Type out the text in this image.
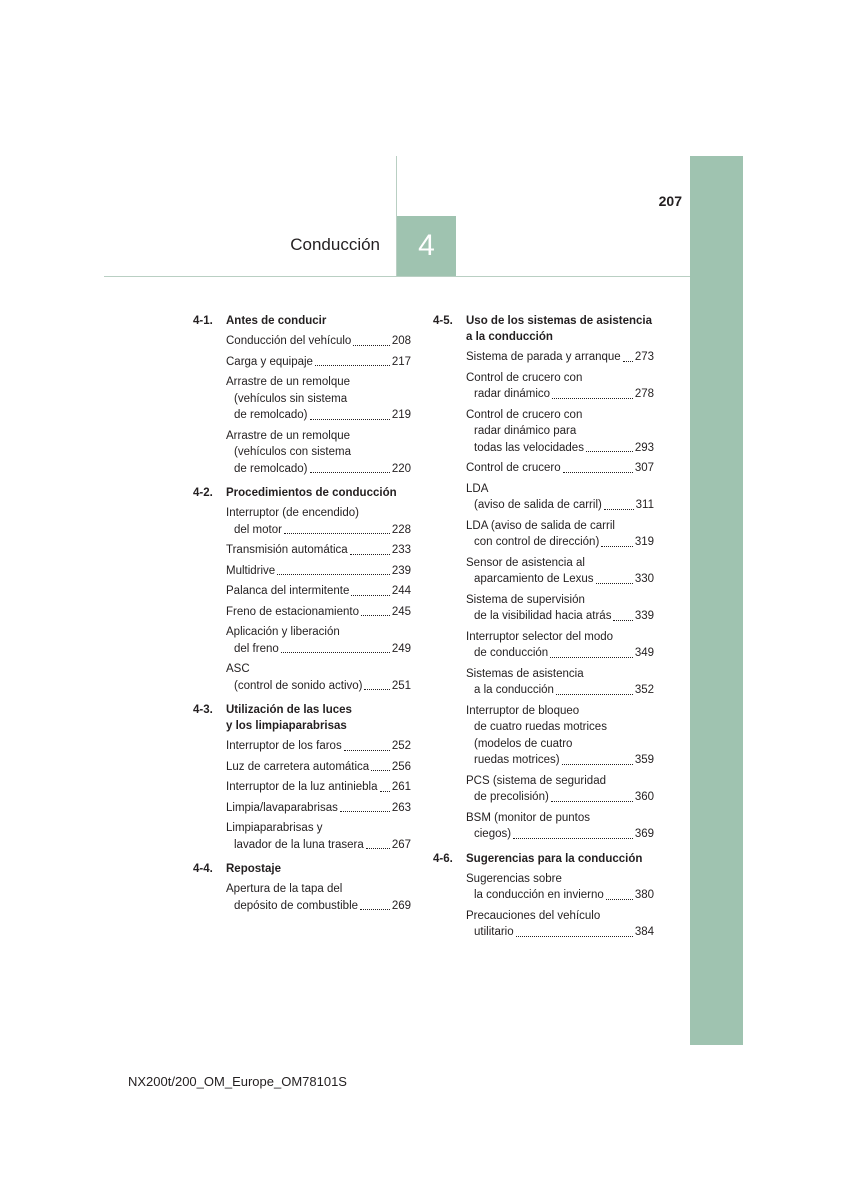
207
Conducción	4
4-1.	Antes de conducir
Conducción del vehículo	208
Carga y equipaje	217
Arrastre de un remolque
(vehículos sin sistema
de remolcado)	219
Arrastre de un remolque
(vehículos con sistema
de remolcado)	220
4-2.	Procedimientos de conducción
Interruptor (de encendido)
del motor	228
Transmisión automática	233
Multidrive	239
Palanca del intermitente	244
Freno de estacionamiento	245
Aplicación y liberación
del freno	249
ASC
(control de sonido activo)	251
4-3.	Utilización de las luces
y los limpiaparabrisas
Interruptor de los faros	252
Luz de carretera automática 256
Interruptor de la luz antiniebla 261
Limpia/lavaparabrisas	263
Limpiaparabrisas y
lavador de la luna trasera 267
4-4.	Repostaje
Apertura de la tapa del
depósito de combustible	269
4-5.	Uso de los sistemas de asistencia
a la conducción
Sistema de parada y arranque 273
Control de crucero con
radar dinámico	278
Control de crucero con
radar dinámico para
todas las velocidades	293
Control de crucero	307
LDA
(aviso de salida de carril)	311
LDA (aviso de salida de carril
con control de dirección)	319
Sensor de asistencia al
aparcamiento de Lexus	330
Sistema de supervisión
de la visibilidad hacia atrás 339
Interruptor selector del modo
de conducción	349
Sistemas de asistencia
a la conducción	352
Interruptor de bloqueo
de cuatro ruedas motrices
(modelos de cuatro
ruedas motrices)	359
PCS (sistema de seguridad
de precolisión)	360
BSM (monitor de puntos
ciegos)	369
4-6.	Sugerencias para la conducción
Sugerencias sobre
la conducción en invierno	380
Precauciones del vehículo
utilitario	384
NX200t/200_OM_Europe_OM78101S
